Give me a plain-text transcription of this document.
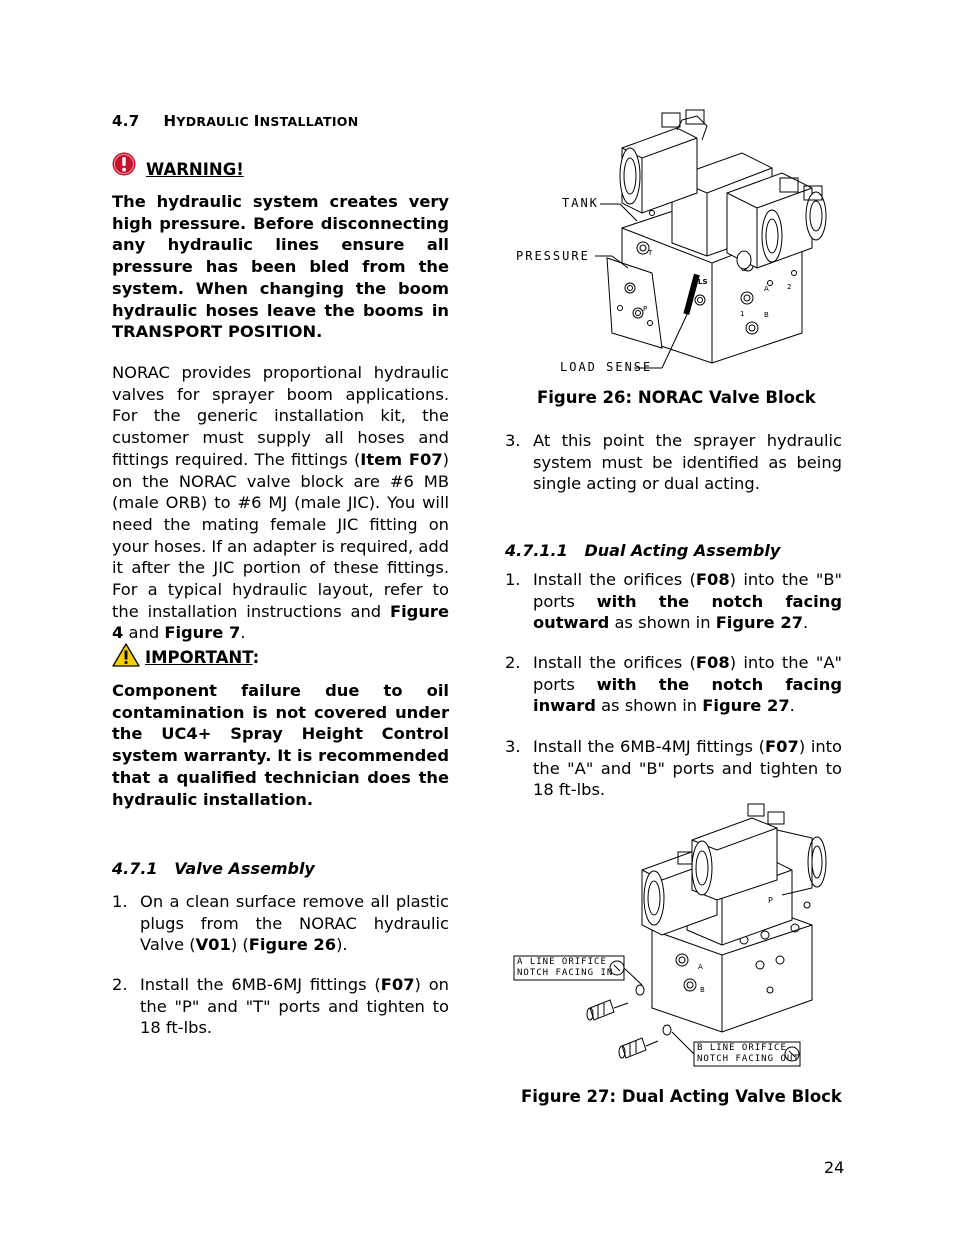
4.7 HYDRAULIC INSTALLATION
WARNING!
The hydraulic system creates very high pressure. Before disconnecting any hydraulic lines ensure all pressure has been bled from the system. When changing the boom hydraulic hoses leave the booms in TRANSPORT POSITION.
NORAC provides proportional hydraulic valves for sprayer boom applications. For the generic installation kit, the customer must supply all hoses and fittings required. The fittings (Item F07) on the NORAC valve block are #6 MB (male ORB) to #6 MJ (male JIC). You will need the mating female JIC fitting on your hoses. If an adapter is required, add it after the JIC portion of these fittings. For a typical hydraulic layout, refer to the installation instructions and Figure 4 and Figure 7.
IMPORTANT:
Component failure due to oil contamination is not covered under the UC4+ Spray Height Control system warranty. It is recommended that a qualified technician does the hydraulic installation.
4.7.1   Valve Assembly
1. On a clean surface remove all plastic plugs from the NORAC hydraulic Valve (V01) (Figure 26).
2. Install the 6MB-6MJ fittings (F07) on the "P" and "T" ports and tighten to 18 ft-lbs.
TANK
PRESSURE
LOAD SENSE
T
LS
P
A	2
1	B
Figure 26: NORAC Valve Block
3. At this point the sprayer hydraulic system must be identified as being single acting or dual acting.
4.7.1.1   Dual Acting Assembly
1. Install the orifices (F08) into the "B" ports with the notch facing outward as shown in Figure 27.
2. Install the orifices (F08) into the "A" ports with the notch facing inward as shown in Figure 27.
3. Install the 6MB-4MJ fittings (F07) into the "A" and "B" ports and tighten to 18 ft-lbs.
A LINE ORIFICE
NOTCH FACING IN
B LINE ORIFICE
NOTCH FACING OUT
A
B
P
Figure 27: Dual Acting Valve Block
24
